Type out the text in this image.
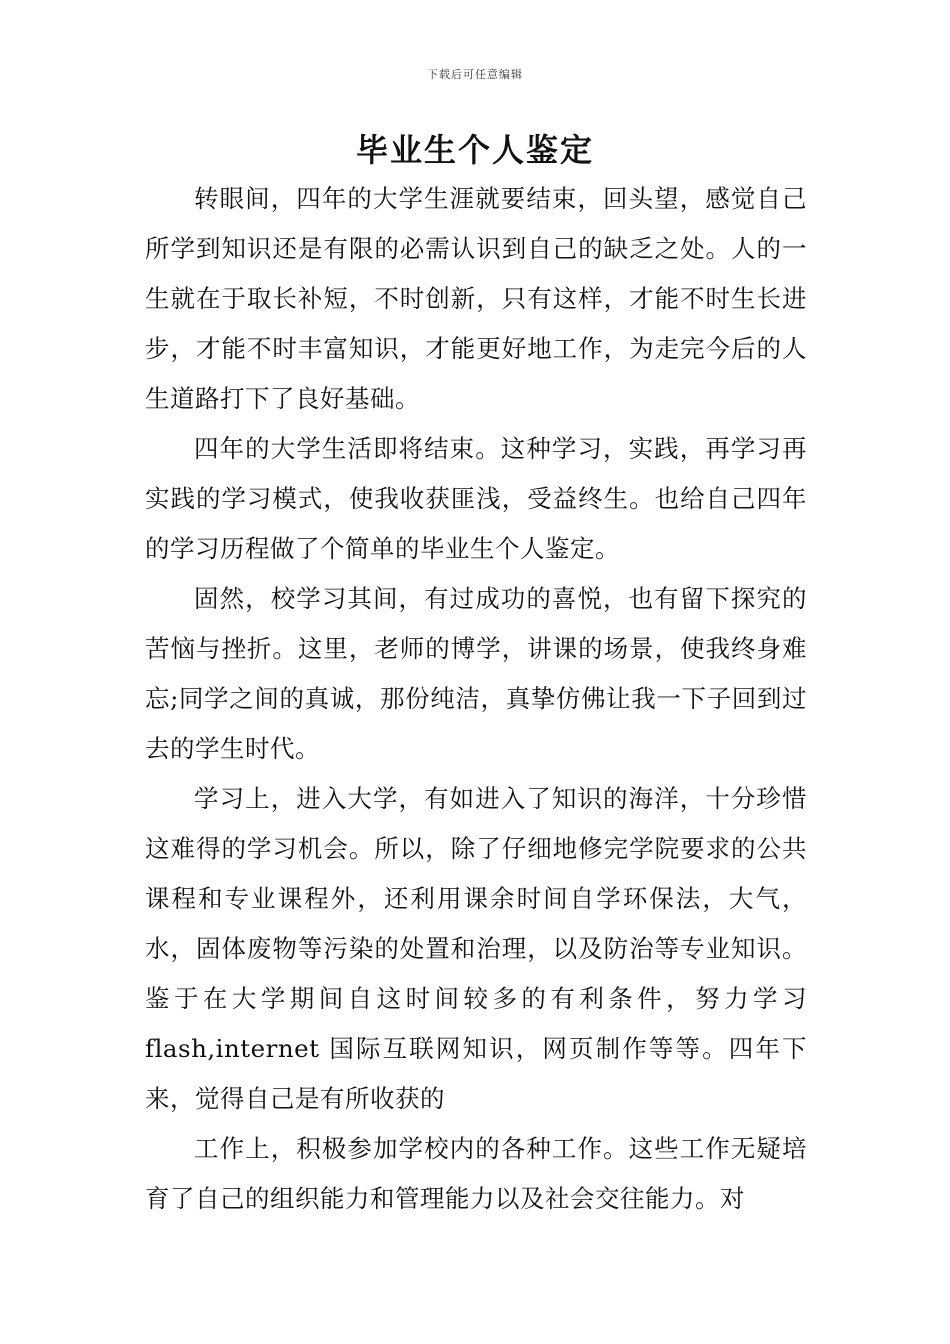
下载后可任意编辑
毕业生个人鉴定

转眼间，四年的大学生涯就要结束，回头望，感觉自己所学到知识还是有限的必需认识到自己的缺乏之处。人的一生就在于取长补短，不时创新，只有这样，才能不时生长进步，才能不时丰富知识，才能更好地工作，为走完今后的人生道路打下了良好基础。

四年的大学生活即将结束。这种学习，实践，再学习再实践的学习模式，使我收获匪浅，受益终生。也给自己四年的学习历程做了个简单的毕业生个人鉴定。

固然，校学习其间，有过成功的喜悦，也有留下探究的苦恼与挫折。这里，老师的博学，讲课的场景，使我终身难忘;同学之间的真诚，那份纯洁，真挚仿佛让我一下子回到过去的学生时代。

学习上，进入大学，有如进入了知识的海洋，十分珍惜这难得的学习机会。所以，除了仔细地修完学院要求的公共课程和专业课程外，还利用课余时间自学环保法，大气，水，固体废物等污染的处置和治理，以及防治等专业知识。鉴于在大学期间自这时间较多的有利条件，努力学习 flash,internet 国际互联网知识，网页制作等等。四年下来，觉得自己是有所收获的

工作上，积极参加学校内的各种工作。这些工作无疑培育了自己的组织能力和管理能力以及社会交往能力。对
